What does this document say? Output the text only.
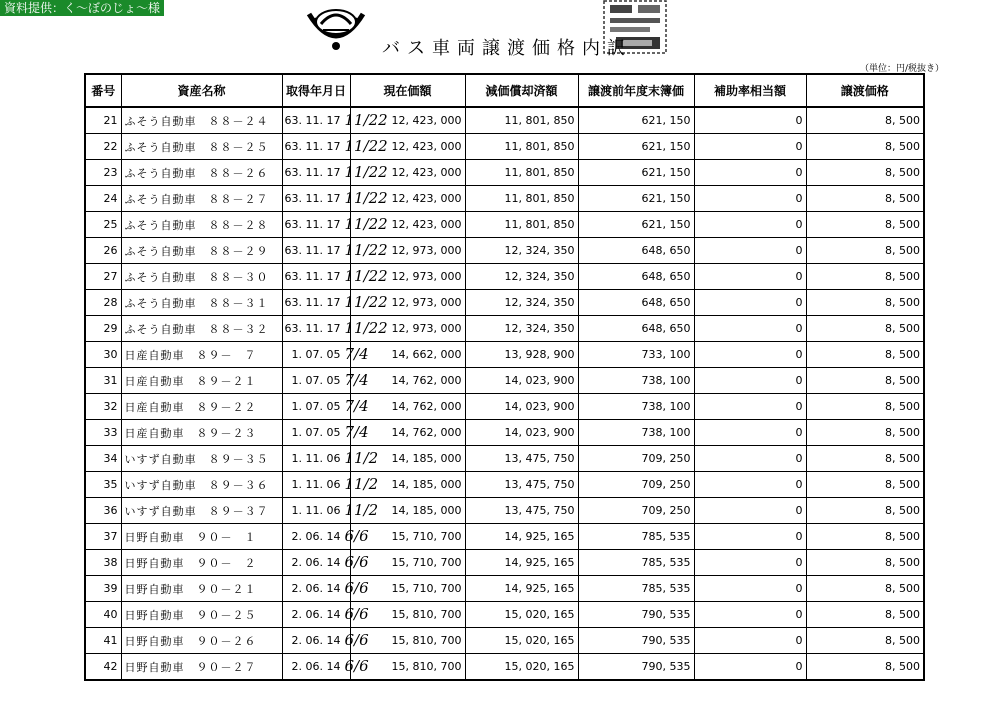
資料提供：く～ぼのじょ～様
バス車両譲渡価格内訳
（単位：円/税抜き）
番号	資産名称	取得年月日	現在価額	減価償却済額	譲渡前年度末簿価	補助率相当額	譲渡価格
21	ふそう自動車　８８－２４	63. 11. 17 11/22	12, 423, 000	11, 801, 850	621, 150	0	8, 500
22	ふそう自動車　８８－２５	63. 11. 17 11/22	12, 423, 000	11, 801, 850	621, 150	0	8, 500
23	ふそう自動車　８８－２６	63. 11. 17 11/22	12, 423, 000	11, 801, 850	621, 150	0	8, 500
24	ふそう自動車　８８－２７	63. 11. 17 11/22	12, 423, 000	11, 801, 850	621, 150	0	8, 500
25	ふそう自動車　８８－２８	63. 11. 17 11/22	12, 423, 000	11, 801, 850	621, 150	0	8, 500
26	ふそう自動車　８８－２９	63. 11. 17 11/22	12, 973, 000	12, 324, 350	648, 650	0	8, 500
27	ふそう自動車　８８－３０	63. 11. 17 11/22	12, 973, 000	12, 324, 350	648, 650	0	8, 500
28	ふそう自動車　８８－３１	63. 11. 17 11/22	12, 973, 000	12, 324, 350	648, 650	0	8, 500
29	ふそう自動車　８８－３２	63. 11. 17 11/22	12, 973, 000	12, 324, 350	648, 650	0	8, 500
30	日産自動車　８９－　７	1. 07. 05 7/4	14, 662, 000	13, 928, 900	733, 100	0	8, 500
31	日産自動車　８９－２１	1. 07. 05 7/4	14, 762, 000	14, 023, 900	738, 100	0	8, 500
32	日産自動車　８９－２２	1. 07. 05 7/4	14, 762, 000	14, 023, 900	738, 100	0	8, 500
33	日産自動車　８９－２３	1. 07. 05 7/4	14, 762, 000	14, 023, 900	738, 100	0	8, 500
34	いすず自動車　８９－３５	1. 11. 06 11/2	14, 185, 000	13, 475, 750	709, 250	0	8, 500
35	いすず自動車　８９－３６	1. 11. 06 11/2	14, 185, 000	13, 475, 750	709, 250	0	8, 500
36	いすず自動車　８９－３７	1. 11. 06 11/2	14, 185, 000	13, 475, 750	709, 250	0	8, 500
37	日野自動車　９０－　１	2. 06. 14 6/6	15, 710, 700	14, 925, 165	785, 535	0	8, 500
38	日野自動車　９０－　２	2. 06. 14 6/6	15, 710, 700	14, 925, 165	785, 535	0	8, 500
39	日野自動車　９０－２１	2. 06. 14 6/6	15, 710, 700	14, 925, 165	785, 535	0	8, 500
40	日野自動車　９０－２５	2. 06. 14 6/6	15, 810, 700	15, 020, 165	790, 535	0	8, 500
41	日野自動車　９０－２６	2. 06. 14 6/6	15, 810, 700	15, 020, 165	790, 535	0	8, 500
42	日野自動車　９０－２７	2. 06. 14 6/6	15, 810, 700	15, 020, 165	790, 535	0	8, 500
